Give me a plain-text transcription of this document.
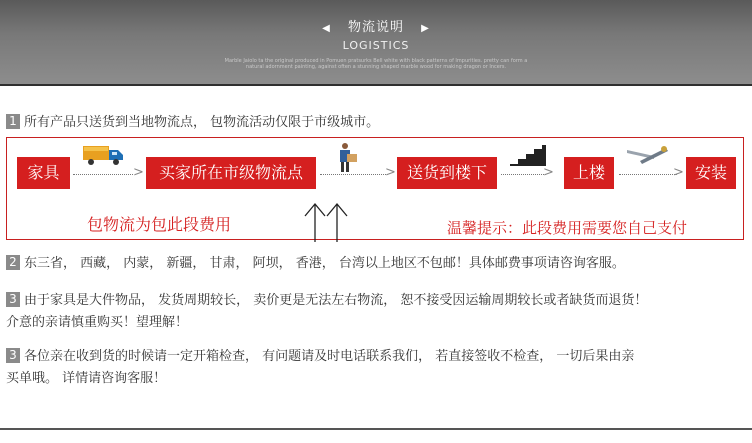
◀ 物流说明 ▶
LOGISTICS
Marble Jaiolo ta the original produced in Pomuen pratsurks Bell white with black patterns of Impurities. pretty can form a natural adornment painting, against often a stunning shaped marble wood for making dragon or Incers.
1 所有产品只送货到当地物流点， 包物流活动仅限于市级城市。
家具	> 买家所在市级物流点	> 送货到楼下	>	上楼	> 安装
包物流为包此段费用	温馨提示：此段费用需要您自己支付
2 东三省， 西藏， 内蒙， 新疆， 甘肃， 阿坝， 香港， 台湾以上地区不包邮！具体邮费事项请咨询客服。
3 由于家具是大件物品， 发货周期较长， 卖价更是无法左右物流， 恕不接受因运输周期较长或者缺货而退货！
介意的亲请慎重购买！望理解！
3 各位亲在收到货的时候请一定开箱检查， 有问题请及时电话联系我们， 若直接签收不检查， 一切后果由亲
买单哦。 详情请咨询客服！
